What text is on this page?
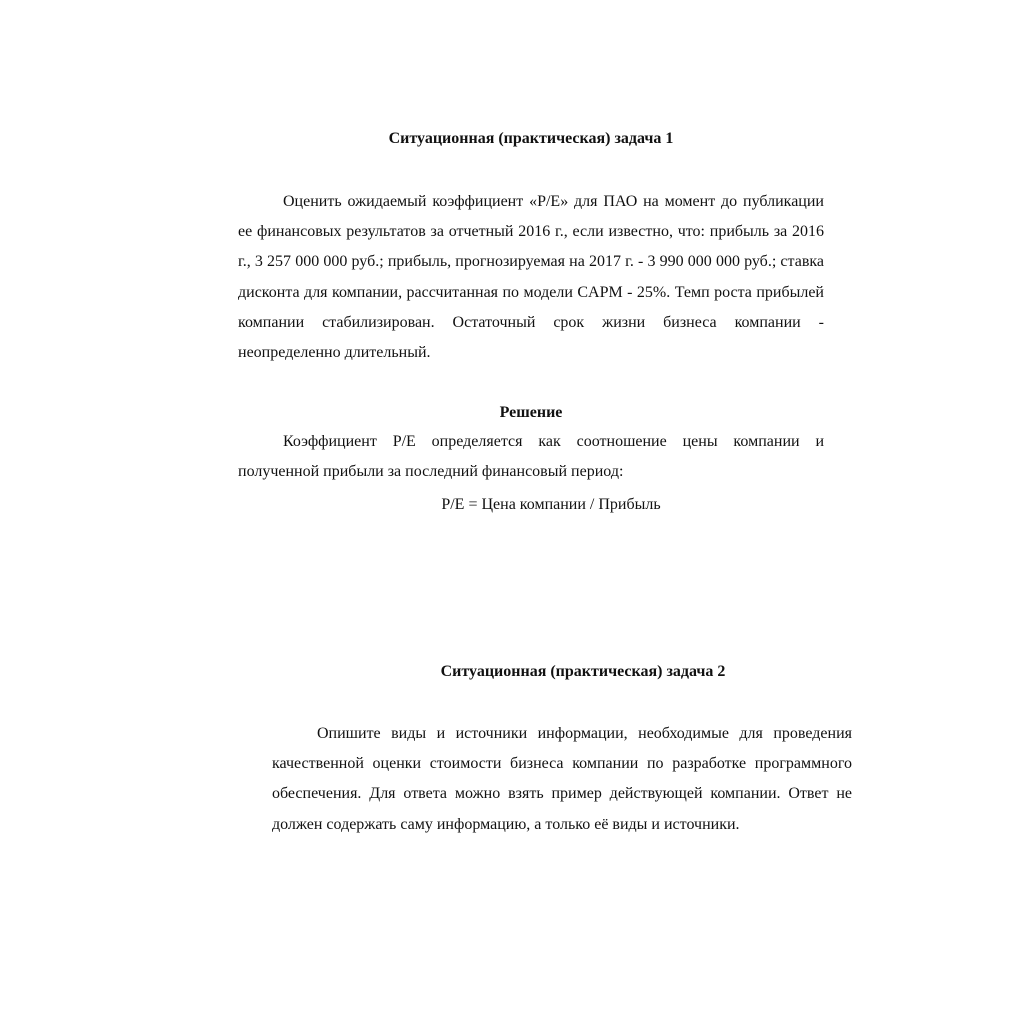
Ситуационная (практическая) задача 1

Оценить ожидаемый коэффициент «P/E» для ПАО на момент до публикации ее финансовых результатов за отчетный 2016 г., если известно, что: прибыль за 2016 г., 3 257 000 000 руб.; прибыль, прогнозируемая на 2017 г. - 3 990 000 000 руб.; ставка дисконта для компании, рассчитанная по модели CAPM - 25%. Темп роста прибылей компании стабилизирован. Остаточный срок жизни бизнеса компании - неопределенно длительный.

Решение

Коэффициент P/E определяется как соотношение цены компании и полученной прибыли за последний финансовый период:

P/E = Цена компании / Прибыль

Ситуационная (практическая) задача 2

Опишите виды и источники информации, необходимые для проведения качественной оценки стоимости бизнеса компании по разработке программного обеспечения. Для ответа можно взять пример действующей компании. Ответ не должен содержать саму информацию, а только её виды и источники.
